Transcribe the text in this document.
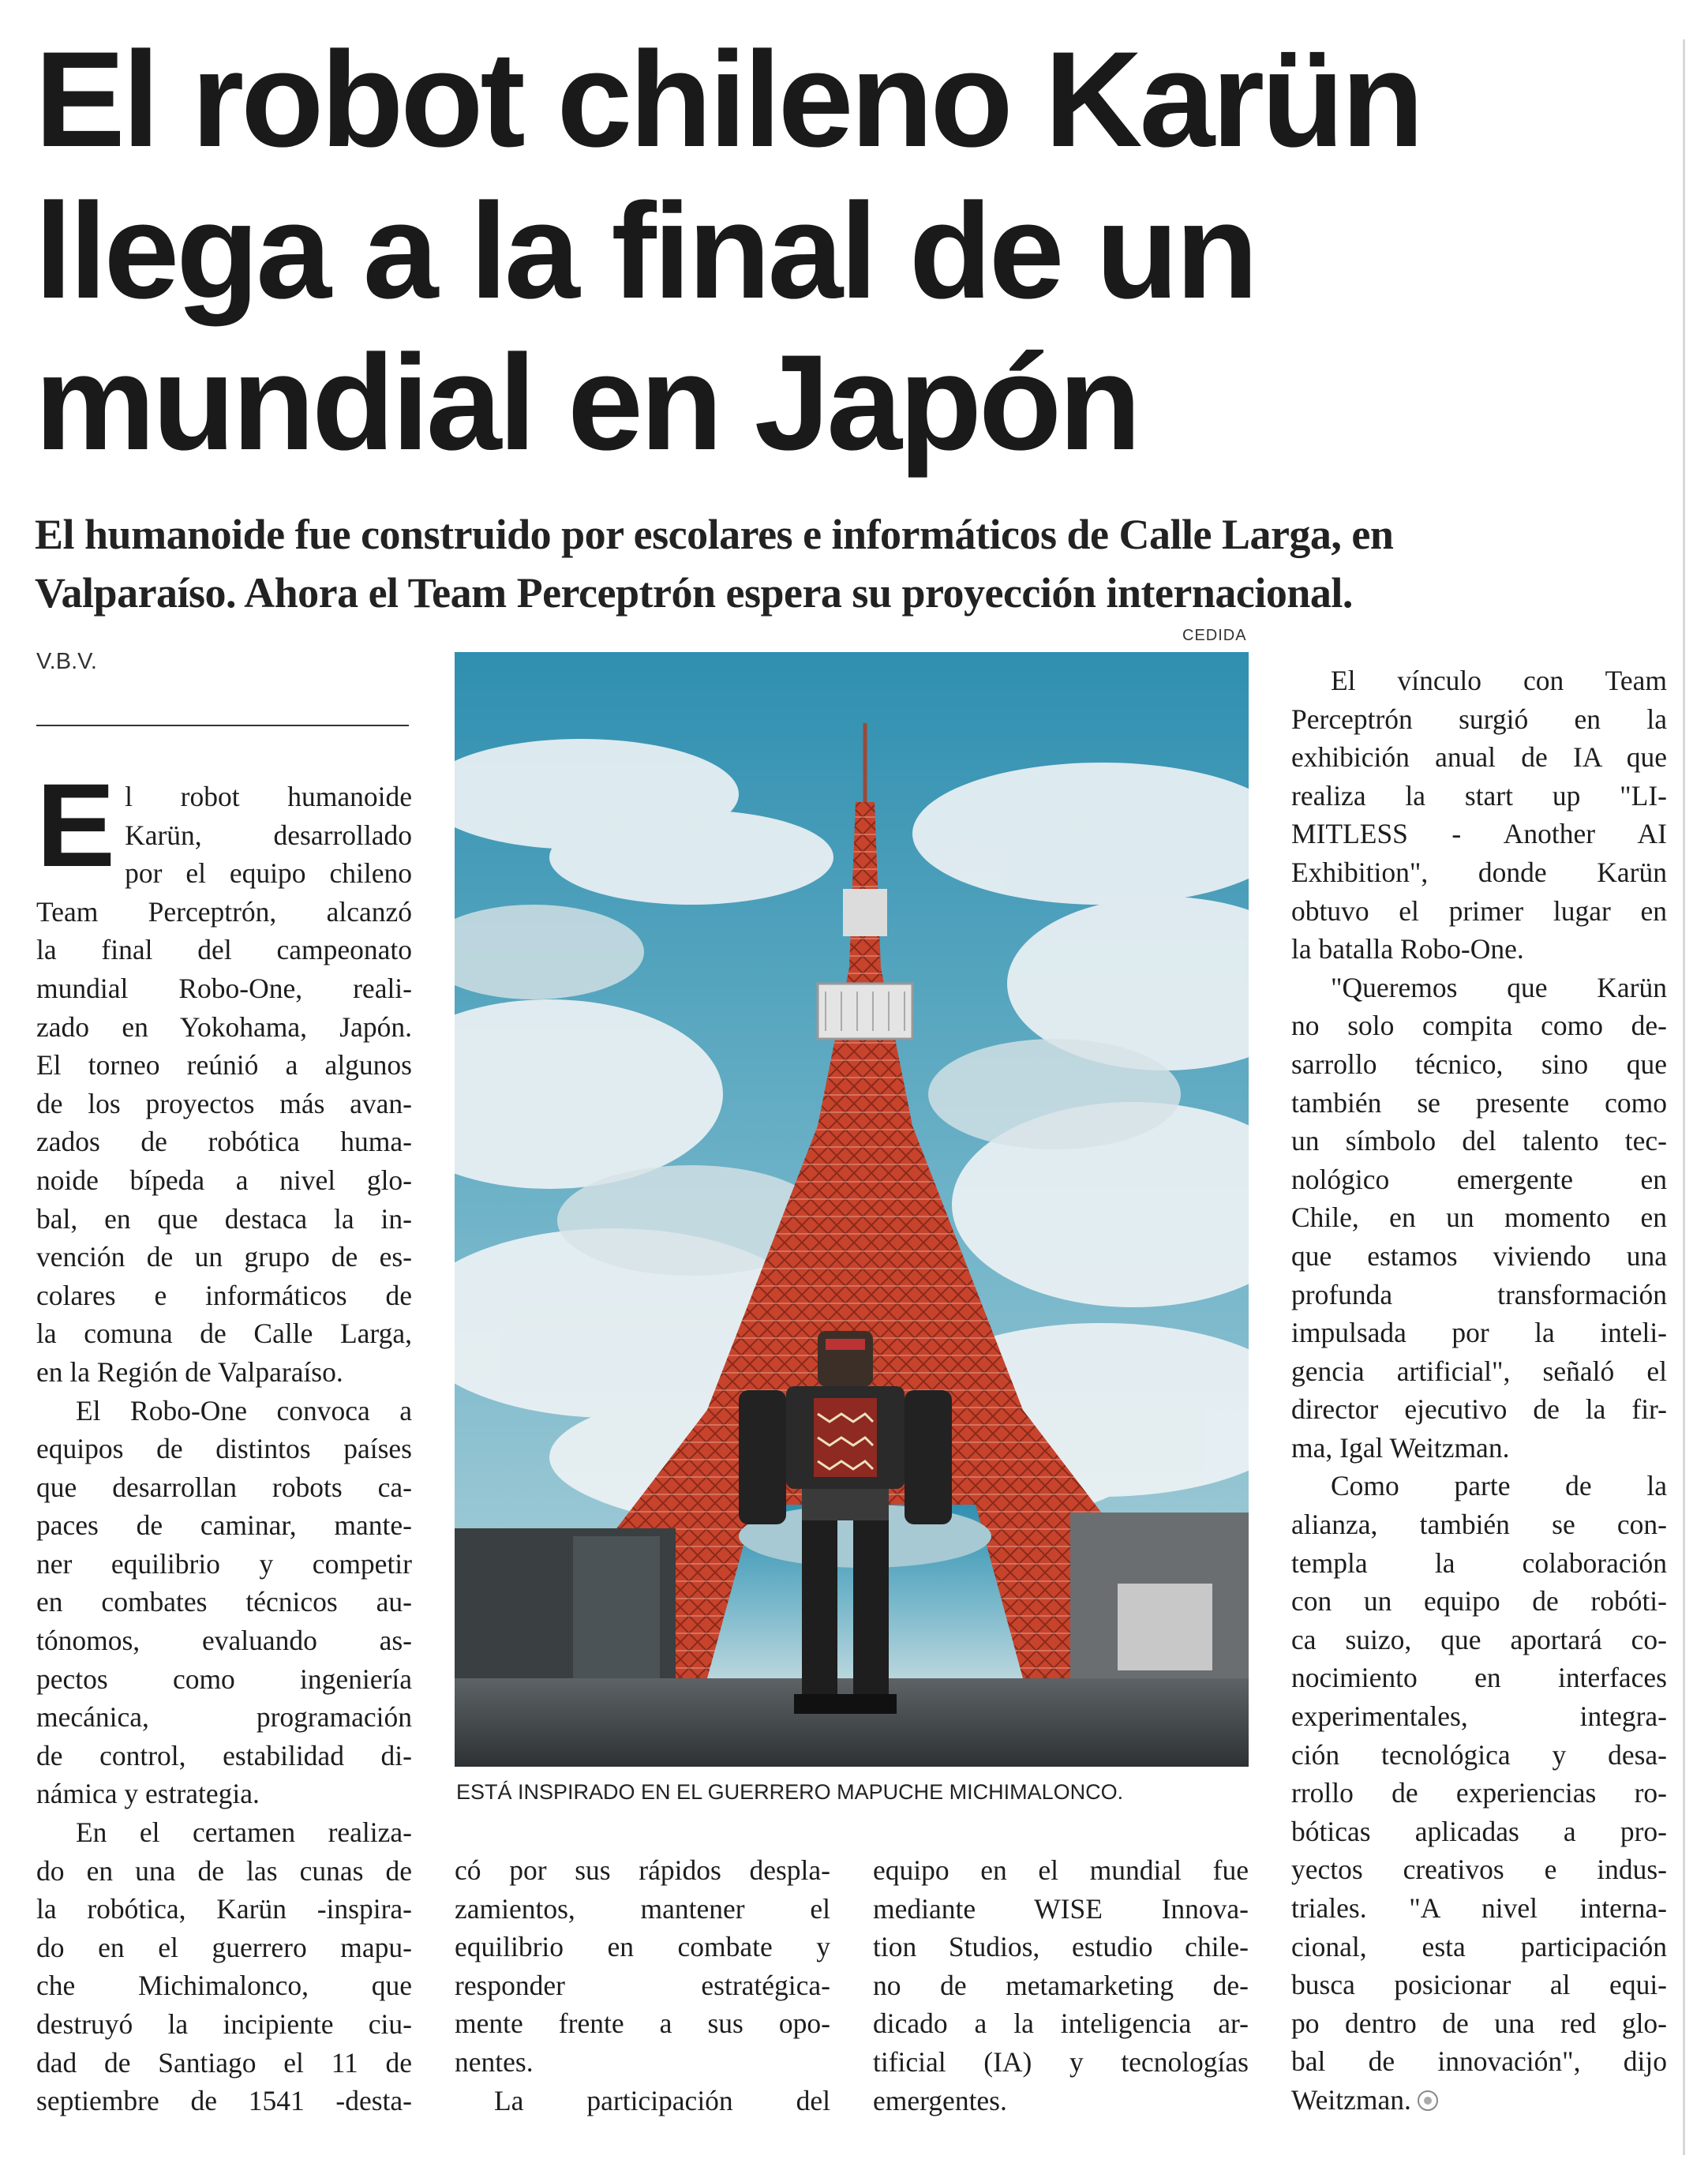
El robot chileno Karün
llega a la final de un
mundial en Japón
El humanoide fue construido por escolares e informáticos de Calle Larga, en
Valparaíso. Ahora el Team Perceptrón espera su proyección internacional.
V.B.V.
CEDIDA
ESTÁ INSPIRADO EN EL GUERRERO MAPUCHE MICHIMALONCO.

E l robot humanoide
Karün, desarrollado
por el equipo chileno
Team Perceptrón, alcanzó
la final del campeonato
mundial Robo-One, reali-
zado en Yokohama, Japón.
El torneo reúnió a algunos
de los proyectos más avan-
zados de robótica huma-
noide bípeda a nivel glo-
bal, en que destaca la in-
vención de un grupo de es-
colares e informáticos de
la comuna de Calle Larga,
en la Región de Valparaíso.

El Robo-One convoca a
equipos de distintos países
que desarrollan robots ca-
paces de caminar, mante-
ner equilibrio y competir
en combates técnicos au-
tónomos, evaluando as-
pectos como ingeniería
mecánica, programación
de control, estabilidad di-
námica y estrategia.

En el certamen realiza-
do en una de las cunas de
la robótica, Karün -inspira-
do en el guerrero mapu-
che Michimalonco, que
destruyó la incipiente ciu-
dad de Santiago el 11 de
septiembre de 1541 -desta-

có por sus rápidos despla-
zamientos, mantener el
equilibrio en combate y
responder estratégica-
mente frente a sus opo-
nentes.

La participación del

equipo en el mundial fue
mediante WISE Innova-
tion Studios, estudio chile-
no de metamarketing de-
dicado a la inteligencia ar-
tificial (IA) y tecnologías
emergentes.

El vínculo con Team
Perceptrón surgió en la
exhibición anual de IA que
realiza la start up "LI-
MITLESS - Another AI
Exhibition", donde Karün
obtuvo el primer lugar en
la batalla Robo-One.

"Queremos que Karün
no solo compita como de-
sarrollo técnico, sino que
también se presente como
un símbolo del talento tec-
nológico emergente en
Chile, en un momento en
que estamos viviendo una
profunda transformación
impulsada por la inteli-
gencia artificial", señaló el
director ejecutivo de la fir-
ma, Igal Weitzman.

Como parte de la
alianza, también se con-
templa la colaboración
con un equipo de robóti-
ca suizo, que aportará co-
nocimiento en interfaces
experimentales, integra-
ción tecnológica y desa-
rrollo de experiencias ro-
bóticas aplicadas a pro-
yectos creativos e indus-
triales. "A nivel interna-
cional, esta participación
busca posicionar al equi-
po dentro de una red glo-
bal de innovación", dijo
Weitzman.
